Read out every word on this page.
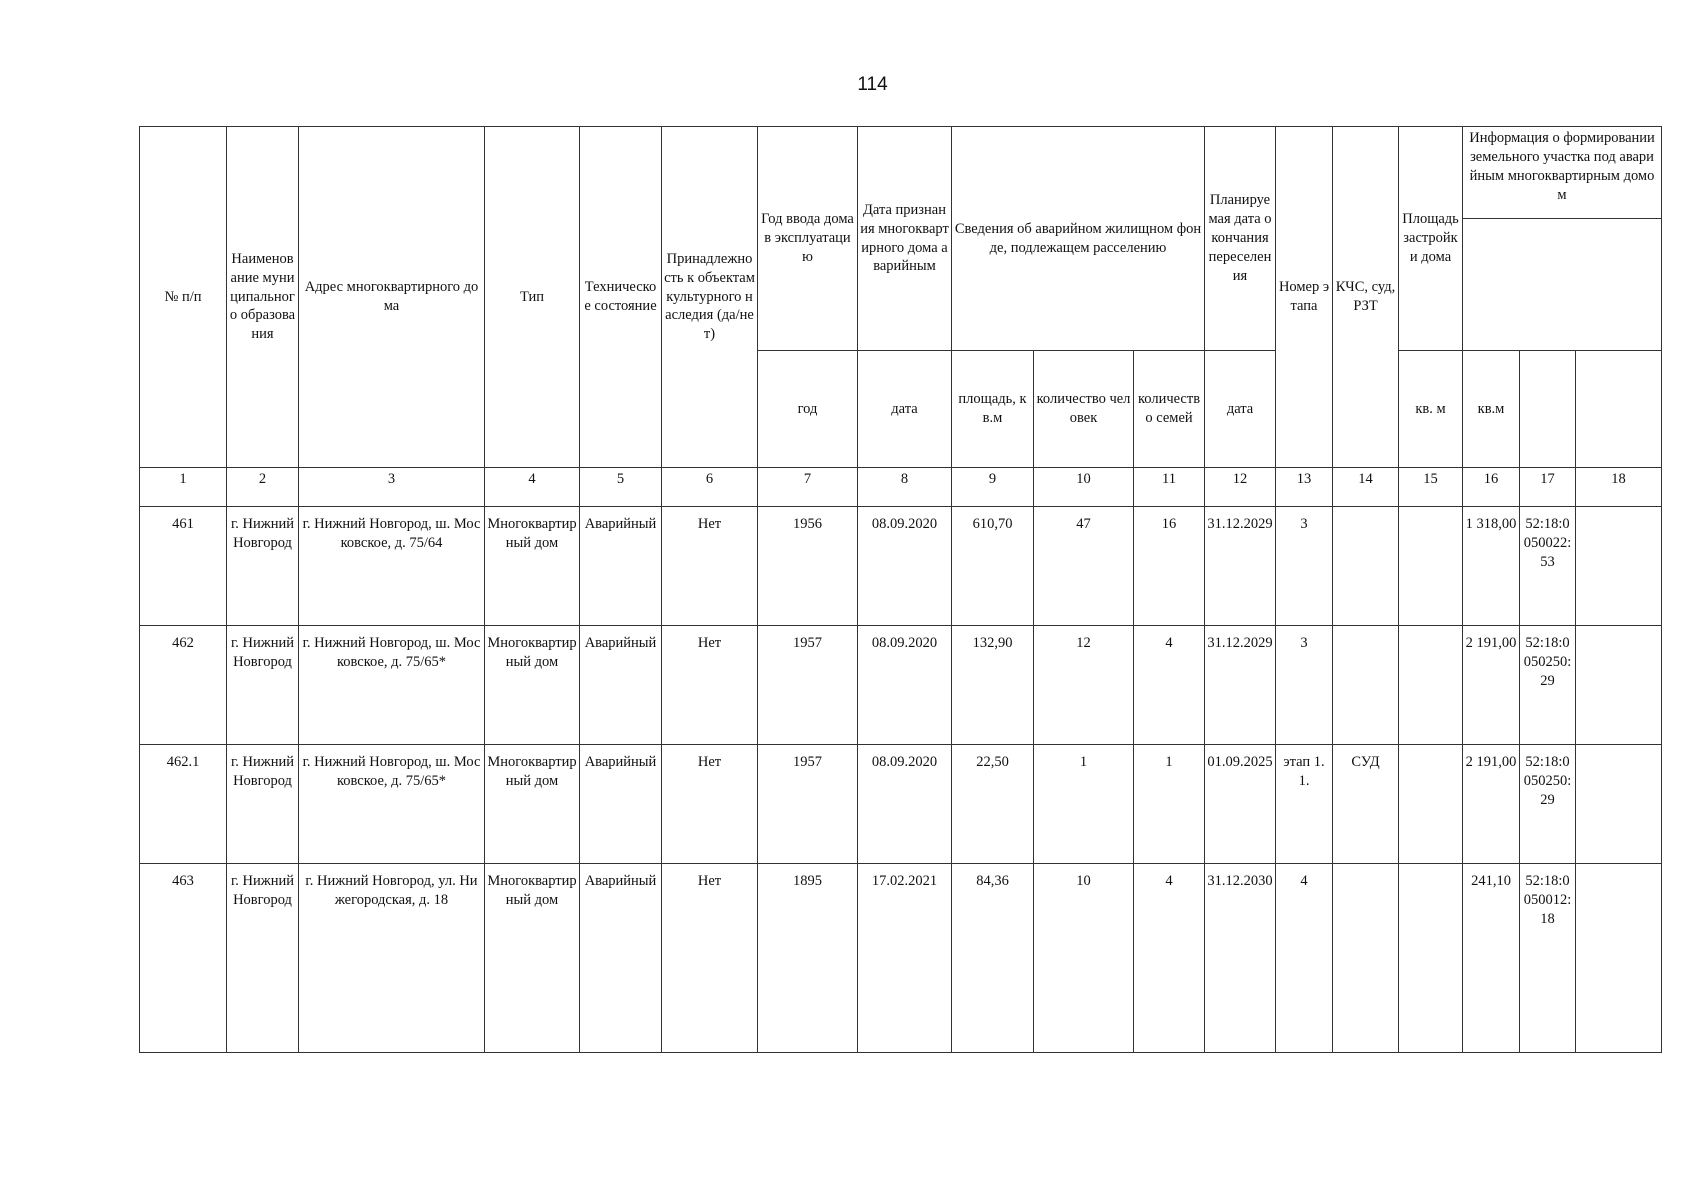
114
№ п/п	Наименование муниципального образования	Адрес многоквартирного дома	Тип	Техническое состояние	Принадлежность к объектам культурного наследия (да/нет)	Год ввода дома в эксплуатацию	Дата признания многоквартирного дома аварийным	Сведения об аварийном жилищном фонде, подлежащем расселению			Планируемая дата окончания переселения	Номер этапа	КЧС, суд, РЗТ	Площадь застройки дома	Информация о формировании земельного участка под аварийным многоквартирным домом		

						год	дата	площадь, кв.м	количество человек	количество семей	дата			кв. м	кв.м		
1	2	3	4	5	6	7	8	9	10	11	12	13	14	15	16	17	18
461	г. Нижний Новгород	г. Нижний Новгород, ш. Московское, д. 75/64	Многоквартирный дом	Аварийный	Нет	1956	08.09.2020	610,70	47	16	31.12.2029	3			1 318,00	52:18:0050022:53	
462	г. Нижний Новгород	г. Нижний Новгород, ш. Московское, д. 75/65*	Многоквартирный дом	Аварийный	Нет	1957	08.09.2020	132,90	12	4	31.12.2029	3			2 191,00	52:18:0050250:29	
462.1	г. Нижний Новгород	г. Нижний Новгород, ш. Московское, д. 75/65*	Многоквартирный дом	Аварийный	Нет	1957	08.09.2020	22,50	1	1	01.09.2025	этап 1.1.	СУД		2 191,00	52:18:0050250:29	
463	г. Нижний Новгород	г. Нижний Новгород, ул. Нижегородская, д. 18	Многоквартирный дом	Аварийный	Нет	1895	17.02.2021	84,36	10	4	31.12.2030	4			241,10	52:18:0050012:18	
